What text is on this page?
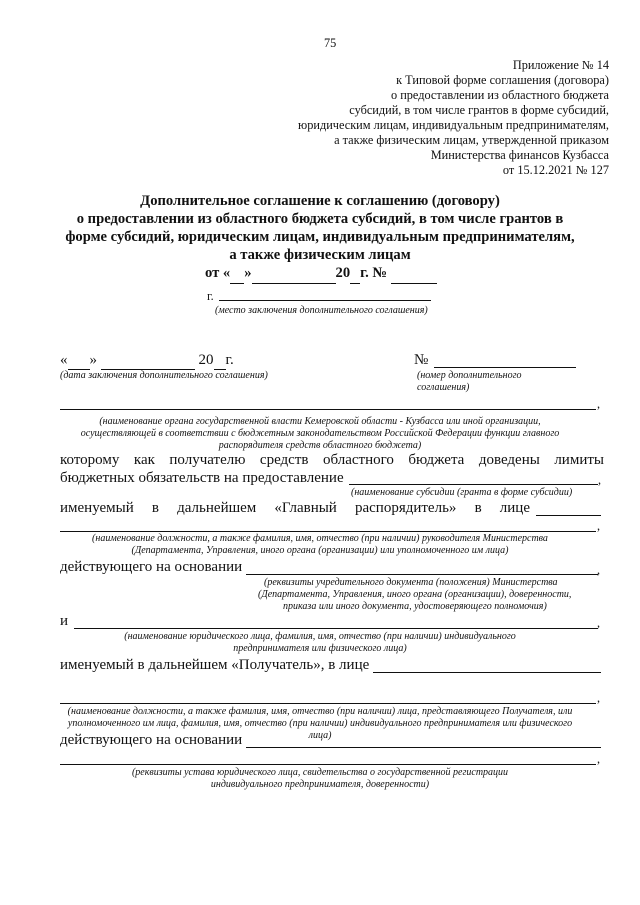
75
Приложение № 14
к Типовой форме соглашения (договора)
о предоставлении из областного бюджета
субсидий, в том числе грантов в форме субсидий,
юридическим лицам, индивидуальным предпринимателям,
а также физическим лицам, утвержденной приказом
Министерства финансов Кузбасса
от 15.12.2021 № 127
Дополнительное соглашение к соглашению (договору)
о предоставлении из областного бюджета субсидий, в том числе грантов в
форме субсидий, юридическим лицам, индивидуальным предпринимателям,
а также физическим лицам
от « »	20 г. №
г.
(место заключения дополнительного соглашения)
« »	20 г.
(дата заключения дополнительного соглашения)
№
(номер дополнительного
соглашения)
,
(наименование органа государственной власти Кемеровской области - Кузбасса или иной организации,
осуществляющей в соответствии с бюджетным законодательством Российской Федерации функции главного
распорядителя средств областного бюджета)
которому как получателю средств областного бюджета доведены лимиты
бюджетных обязательств на предоставление	,
(наименование субсидии (гранта в форме субсидии)
именуемый в дальнейшем «Главный распорядитель» в лице
,
(наименование должности, а также фамилия, имя, отчество (при наличии) руководителя Министерства
(Департамента, Управления, иного органа (организации) или уполномоченного им лица)
действующего на основании	,
(реквизиты учредительного документа (положения) Министерства
(Департамента, Управления, иного органа (организации), доверенности,
приказа или иного документа, удостоверяющего полномочия)
и	,
(наименование юридического лица, фамилия, имя, отчество (при наличии) индивидуального
предпринимателя или физического лица)
именуемый в дальнейшем «Получатель», в лице
,
(наименование должности, а также фамилия, имя, отчество (при наличии) лица, представляющего Получателя, или
уполномоченного им лица, фамилия, имя, отчество (при наличии) индивидуального предпринимателя или физического
лица)
действующего на основании
,
(реквизиты устава юридического лица, свидетельства о государственной регистрации
индивидуального предпринимателя, доверенности)
